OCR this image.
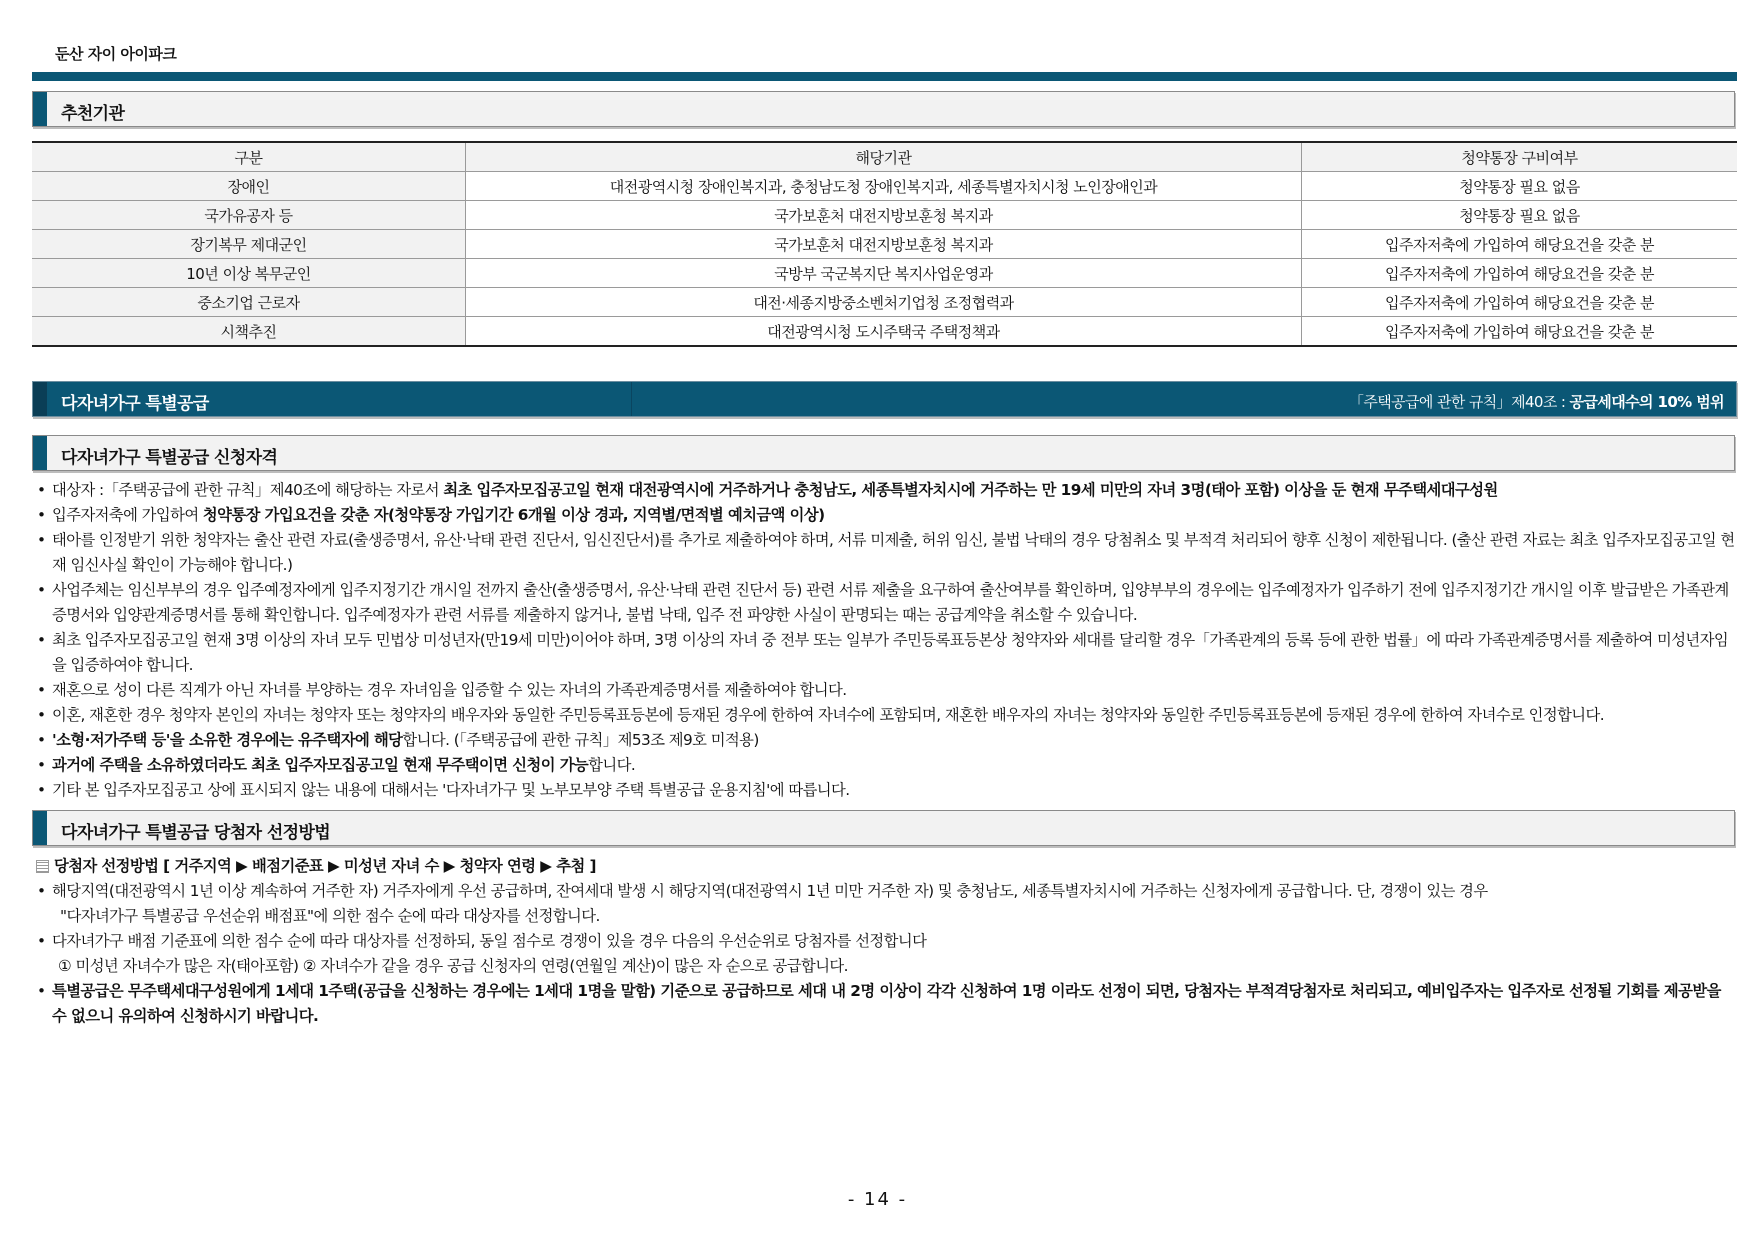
둔산 자이 아이파크
추천기관
구분	해당기관	청약통장 구비여부
장애인	대전광역시청 장애인복지과, 충청남도청 장애인복지과, 세종특별자치시청 노인장애인과	청약통장 필요 없음
국가유공자 등	국가보훈처 대전지방보훈청 복지과	청약통장 필요 없음
장기복무 제대군인	국가보훈처 대전지방보훈청 복지과	입주자저축에 가입하여 해당요건을 갖춘 분
10년 이상 복무군인	국방부 국군복지단 복지사업운영과	입주자저축에 가입하여 해당요건을 갖춘 분
중소기업 근로자	대전·세종지방중소벤처기업청 조정협력과	입주자저축에 가입하여 해당요건을 갖춘 분
시책추진	대전광역시청 도시주택국 주택정책과	입주자저축에 가입하여 해당요건을 갖춘 분
다자녀가구 특별공급	「주택공급에 관한 규칙」제40조 : 공급세대수의 10% 범위
다자녀가구 특별공급 신청자격
• 대상자 :「주택공급에 관한 규칙」제40조에 해당하는 자로서 최초 입주자모집공고일 현재 대전광역시에 거주하거나 충청남도, 세종특별자치시에 거주하는 만 19세 미만의 자녀 3명(태아 포함) 이상을 둔 현재 무주택세대구성원
• 입주자저축에 가입하여 청약통장 가입요건을 갖춘 자(청약통장 가입기간 6개월 이상 경과, 지역별/면적별 예치금액 이상)
• 태아를 인정받기 위한 청약자는 출산 관련 자료(출생증명서, 유산·낙태 관련 진단서, 임신진단서)를 추가로 제출하여야 하며, 서류 미제출, 허위 임신, 불법 낙태의 경우 당첨취소 및 부적격 처리되어 향후 신청이 제한됩니다. (출산 관련 자료는 최초 입주자모집공고일 현재 임신사실 확인이 가능해야 합니다.)
• 사업주체는 임신부부의 경우 입주예정자에게 입주지정기간 개시일 전까지 출산(출생증명서, 유산·낙태 관련 진단서 등) 관련 서류 제출을 요구하여 출산여부를 확인하며, 입양부부의 경우에는 입주예정자가 입주하기 전에 입주지정기간 개시일 이후 발급받은 가족관계증명서와 입양관계증명서를 통해 확인합니다. 입주예정자가 관련 서류를 제출하지 않거나, 불법 낙태, 입주 전 파양한 사실이 판명되는 때는 공급계약을 취소할 수 있습니다.
• 최초 입주자모집공고일 현재 3명 이상의 자녀 모두 민법상 미성년자(만19세 미만)이어야 하며, 3명 이상의 자녀 중 전부 또는 일부가 주민등록표등본상 청약자와 세대를 달리할 경우「가족관계의 등록 등에 관한 법률」에 따라 가족관계증명서를 제출하여 미성년자임을 입증하여야 합니다.
• 재혼으로 성이 다른 직계가 아닌 자녀를 부양하는 경우 자녀임을 입증할 수 있는 자녀의 가족관계증명서를 제출하여야 합니다.
• 이혼, 재혼한 경우 청약자 본인의 자녀는 청약자 또는 청약자의 배우자와 동일한 주민등록표등본에 등재된 경우에 한하여 자녀수에 포함되며, 재혼한 배우자의 자녀는 청약자와 동일한 주민등록표등본에 등재된 경우에 한하여 자녀수로 인정합니다.
• '소형·저가주택 등'을 소유한 경우에는 유주택자에 해당합니다. (「주택공급에 관한 규칙」제53조 제9호 미적용)
• 과거에 주택을 소유하였더라도 최초 입주자모집공고일 현재 무주택이면 신청이 가능합니다.
• 기타 본 입주자모집공고 상에 표시되지 않는 내용에 대해서는 '다자녀가구 및 노부모부양 주택 특별공급 운용지침'에 따릅니다.
다자녀가구 특별공급 당첨자 선정방법
당첨자 선정방법 [ 거주지역 ▶ 배점기준표 ▶ 미성년 자녀 수 ▶ 청약자 연령 ▶ 추첨 ]
• 해당지역(대전광역시 1년 이상 계속하여 거주한 자) 거주자에게 우선 공급하며, 잔여세대 발생 시 해당지역(대전광역시 1년 미만 거주한 자) 및 충청남도, 세종특별자치시에 거주하는 신청자에게 공급합니다. 단, 경쟁이 있는 경우
"다자녀가구 특별공급 우선순위 배점표"에 의한 점수 순에 따라 대상자를 선정합니다.
• 다자녀가구 배점 기준표에 의한 점수 순에 따라 대상자를 선정하되, 동일 점수로 경쟁이 있을 경우 다음의 우선순위로 당첨자를 선정합니다
① 미성년 자녀수가 많은 자(태아포함) ② 자녀수가 같을 경우 공급 신청자의 연령(연월일 계산)이 많은 자 순으로 공급합니다.
• 특별공급은 무주택세대구성원에게 1세대 1주택(공급을 신청하는 경우에는 1세대 1명을 말함) 기준으로 공급하므로 세대 내 2명 이상이 각각 신청하여 1명 이라도 선정이 되면, 당첨자는 부적격당첨자로 처리되고, 예비입주자는 입주자로 선정될 기회를 제공받을 수 없으니 유의하여 신청하시기 바랍니다.
- 14 -
